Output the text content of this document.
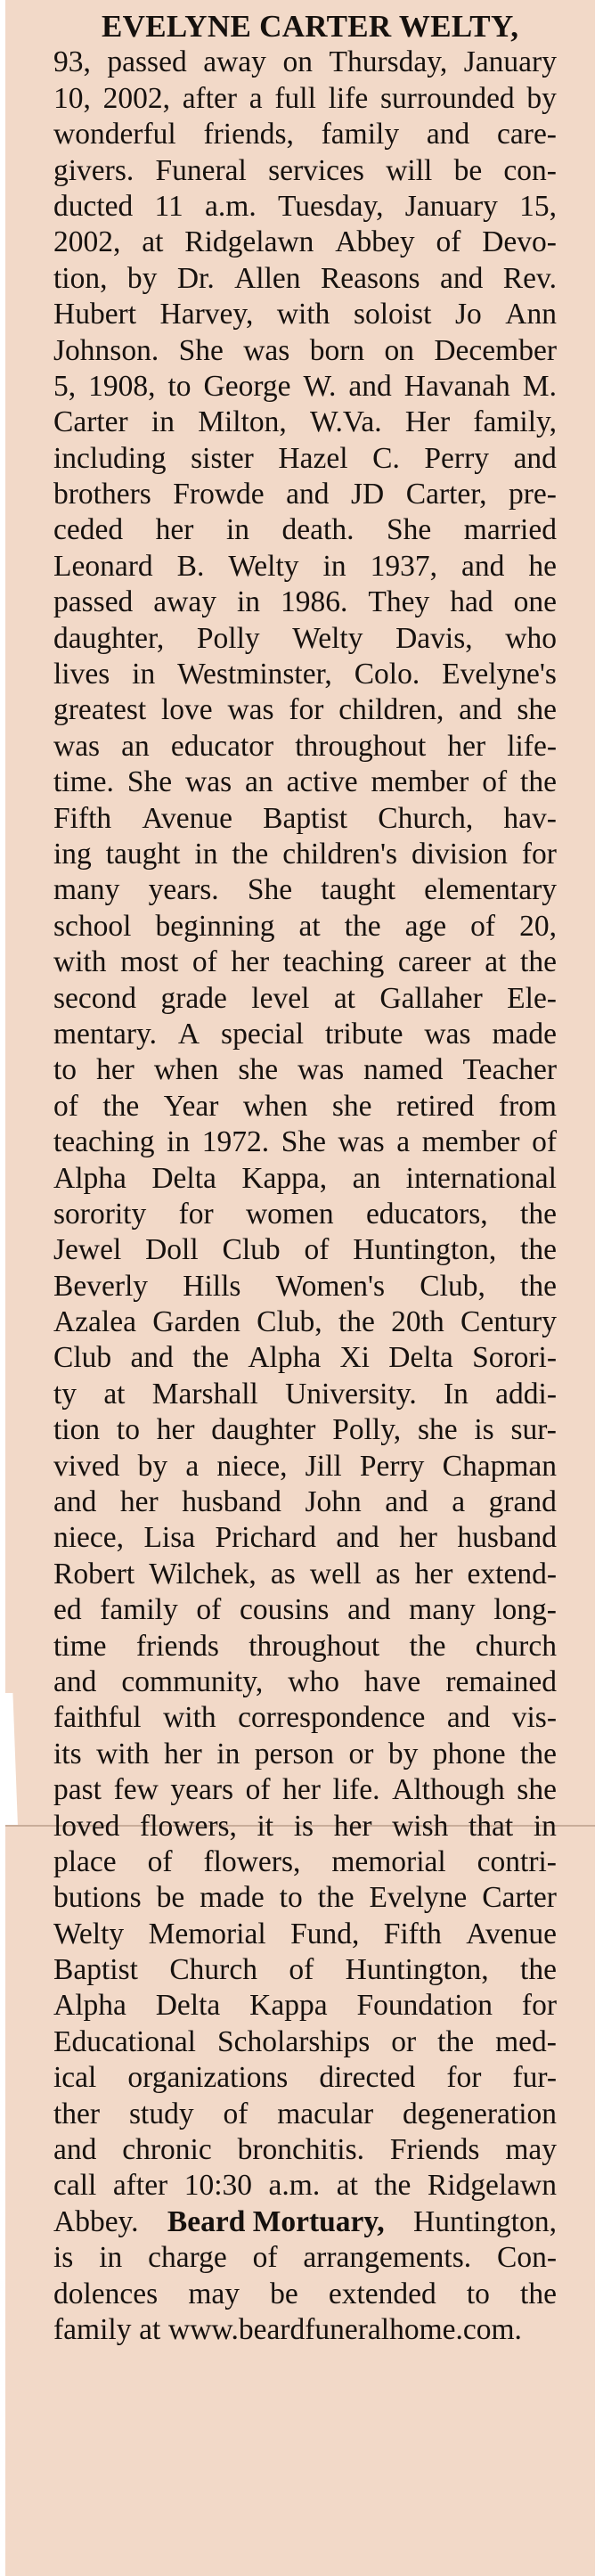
EVELYNE CARTER WELTY,
93, passed away on Thursday, January
10, 2002, after a full life surrounded by
wonderful friends, family and care-
givers. Funeral services will be con-
ducted 11 a.m. Tuesday, January 15,
2002, at Ridgelawn Abbey of Devo-
tion, by Dr. Allen Reasons and Rev.
Hubert Harvey, with soloist Jo Ann
Johnson. She was born on December
5, 1908, to George W. and Havanah M.
Carter in Milton, W.Va. Her family,
including sister Hazel C. Perry and
brothers Frowde and JD Carter, pre-
ceded her in death. She married
Leonard B. Welty in 1937, and he
passed away in 1986. They had one
daughter, Polly Welty Davis, who
lives in Westminster, Colo. Evelyne's
greatest love was for children, and she
was an educator throughout her life-
time. She was an active member of the
Fifth Avenue Baptist Church, hav-
ing taught in the children's division for
many years. She taught elementary
school beginning at the age of 20,
with most of her teaching career at the
second grade level at Gallaher Ele-
mentary. A special tribute was made
to her when she was named Teacher
of the Year when she retired from
teaching in 1972. She was a member of
Alpha Delta Kappa, an international
sorority for women educators, the
Jewel Doll Club of Huntington, the
Beverly Hills Women's Club, the
Azalea Garden Club, the 20th Century
Club and the Alpha Xi Delta Sorori-
ty at Marshall University. In addi-
tion to her daughter Polly, she is sur-
vived by a niece, Jill Perry Chapman
and her husband John and a grand
niece, Lisa Prichard and her husband
Robert Wilchek, as well as her extend-
ed family of cousins and many long-
time friends throughout the church
and community, who have remained
faithful with correspondence and vis-
its with her in person or by phone the
past few years of her life. Although she
loved flowers, it is her wish that in
place of flowers, memorial contri-
butions be made to the Evelyne Carter
Welty Memorial Fund, Fifth Avenue
Baptist Church of Huntington, the
Alpha Delta Kappa Foundation for
Educational Scholarships or the med-
ical organizations directed for fur-
ther study of macular degeneration
and chronic bronchitis. Friends may
call after 10:30 a.m. at the Ridgelawn
Abbey. Beard Mortuary, Huntington,
is in charge of arrangements. Con-
dolences may be extended to the
family at www.beardfuneralhome.com.
